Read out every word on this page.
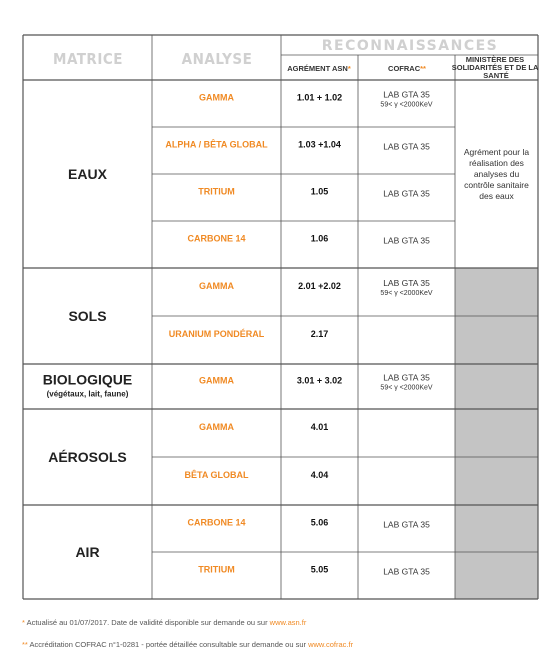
MATRICE	ANALYSE
RECONNAISSANCES
AGRÉMENT ASN*	COFRAC**
MINISTÈRE DES SOLIDARITÉS ET DE LA SANTÉ
EAUX
GAMMA	1.01 + 1.02	LAB GTA 35
59< γ <2000KeV
ALPHA / BÊTA GLOBAL	1.03 +1.04	LAB GTA 35
TRITIUM	1.05	LAB GTA 35
CARBONE 14	1.06	LAB GTA 35
Agrément pour la
réalisation des
analyses du
contrôle sanitaire
des eaux
SOLS
GAMMA	2.01 +2.02	LAB GTA 35
59< γ <2000KeV
URANIUM PONDÉRAL	2.17
BIOLOGIQUE
(végétaux, lait, faune)
GAMMA	3.01 + 3.02	LAB GTA 35
59< γ <2000KeV
AÉROSOLS
GAMMA	4.01
BÊTA GLOBAL	4.04
AIR
CARBONE 14	5.06	LAB GTA 35
TRITIUM	5.05	LAB GTA 35
* Actualisé au 01/07/2017. Date de validité disponible sur demande ou sur www.asn.fr
** Accréditation COFRAC n°1-0281 - portée détaillée consultable sur demande ou sur www.cofrac.fr
